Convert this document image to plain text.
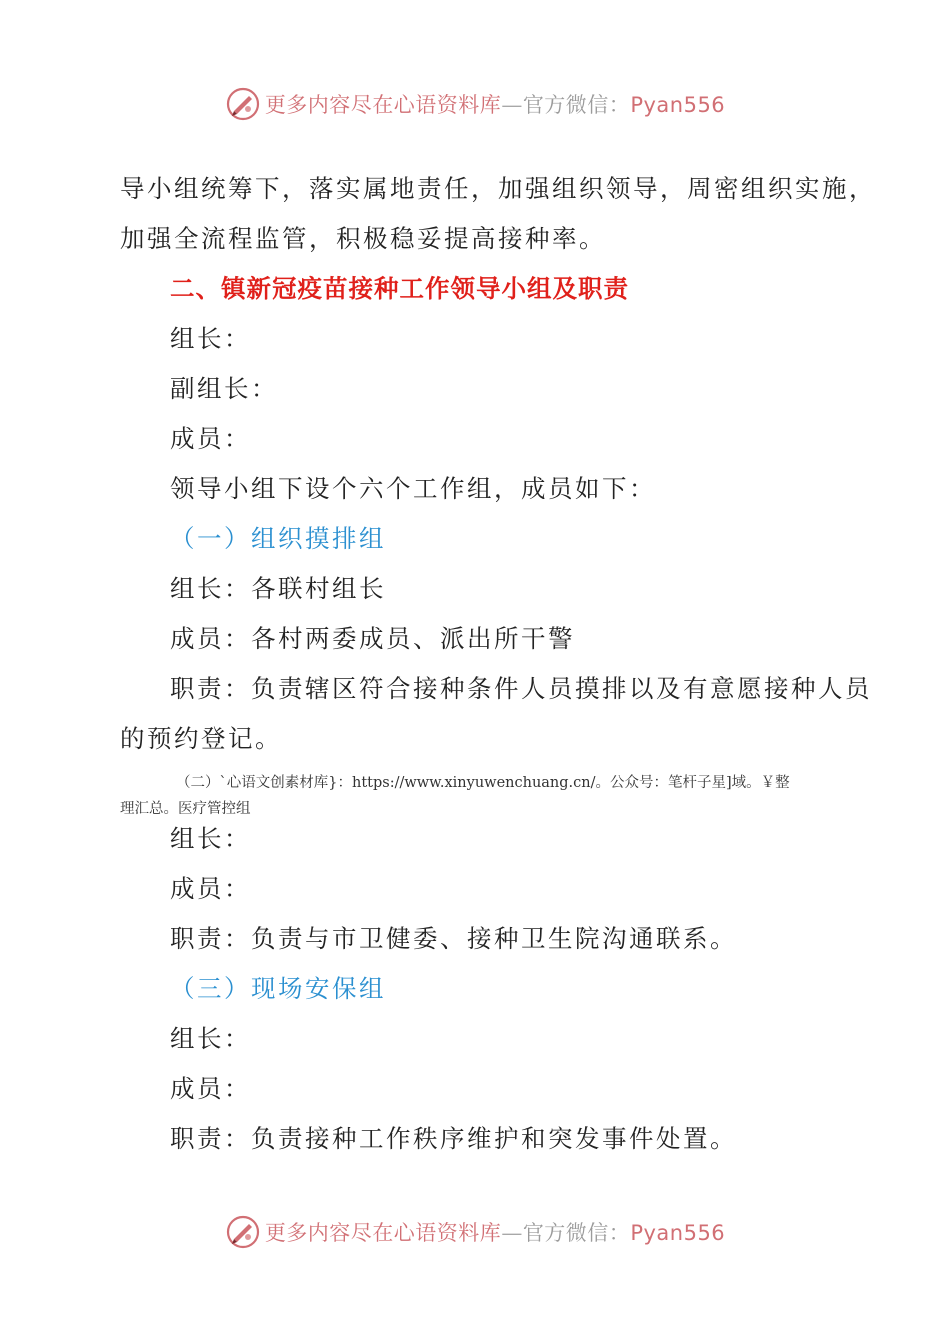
更多内容尽在心语资料库—官方微信：Pyan556
导小组统筹下，落实属地责任，加强组织领导，周密组织实施，
加强全流程监管，积极稳妥提高接种率。
二、镇新冠疫苗接种工作领导小组及职责
组长：
副组长：
成员：
领导小组下设个六个工作组，成员如下：
（一）组织摸排组
组长：各联村组长
成员：各村两委成员、派出所干警
职责：负责辖区符合接种条件人员摸排以及有意愿接种人员
的预约登记。
（二）`心语文创素材库}：https://www.xinyuwenchuang.cn/。公众号：笔杆子星]域。￥整
理汇总。医疗管控组
组长：
成员：
职责：负责与市卫健委、接种卫生院沟通联系。
（三）现场安保组
组长：
成员：
职责：负责接种工作秩序维护和突发事件处置。
更多内容尽在心语资料库—官方微信：Pyan556
